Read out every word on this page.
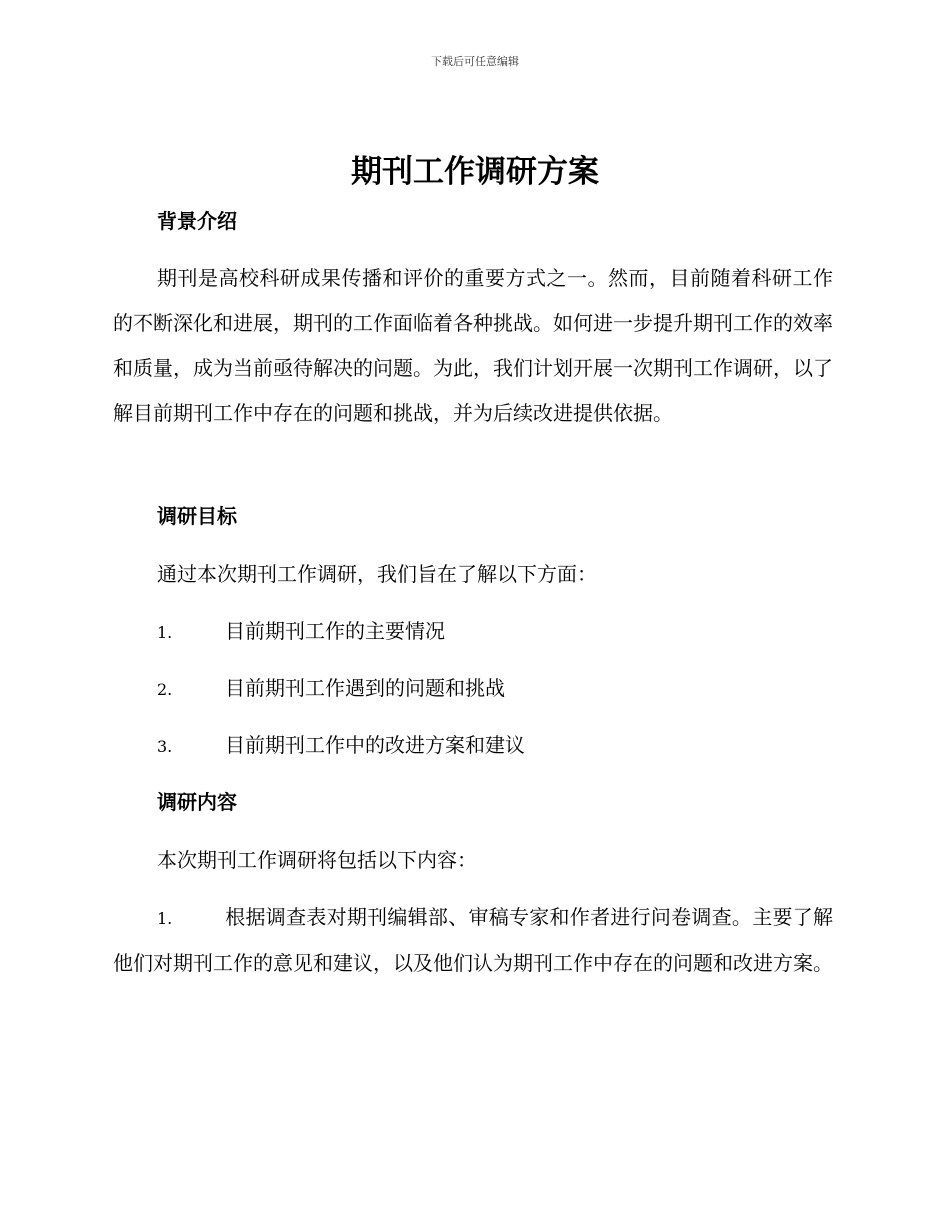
下载后可任意编辑
期刊工作调研方案
背景介绍
期刊是高校科研成果传播和评价的重要方式之一。然而，目前随着科研工作的不断深化和进展，期刊的工作面临着各种挑战。如何进一步提升期刊工作的效率和质量，成为当前亟待解决的问题。为此，我们计划开展一次期刊工作调研，以了解目前期刊工作中存在的问题和挑战，并为后续改进提供依据。
调研目标
通过本次期刊工作调研，我们旨在了解以下方面：
1.	目前期刊工作的主要情况
2.	目前期刊工作遇到的问题和挑战
3.	目前期刊工作中的改进方案和建议
调研内容
本次期刊工作调研将包括以下内容：
1.	根据调查表对期刊编辑部、审稿专家和作者进行问卷调查。主要了解他们对期刊工作的意见和建议，以及他们认为期刊工作中存在的问题和改进方案。
